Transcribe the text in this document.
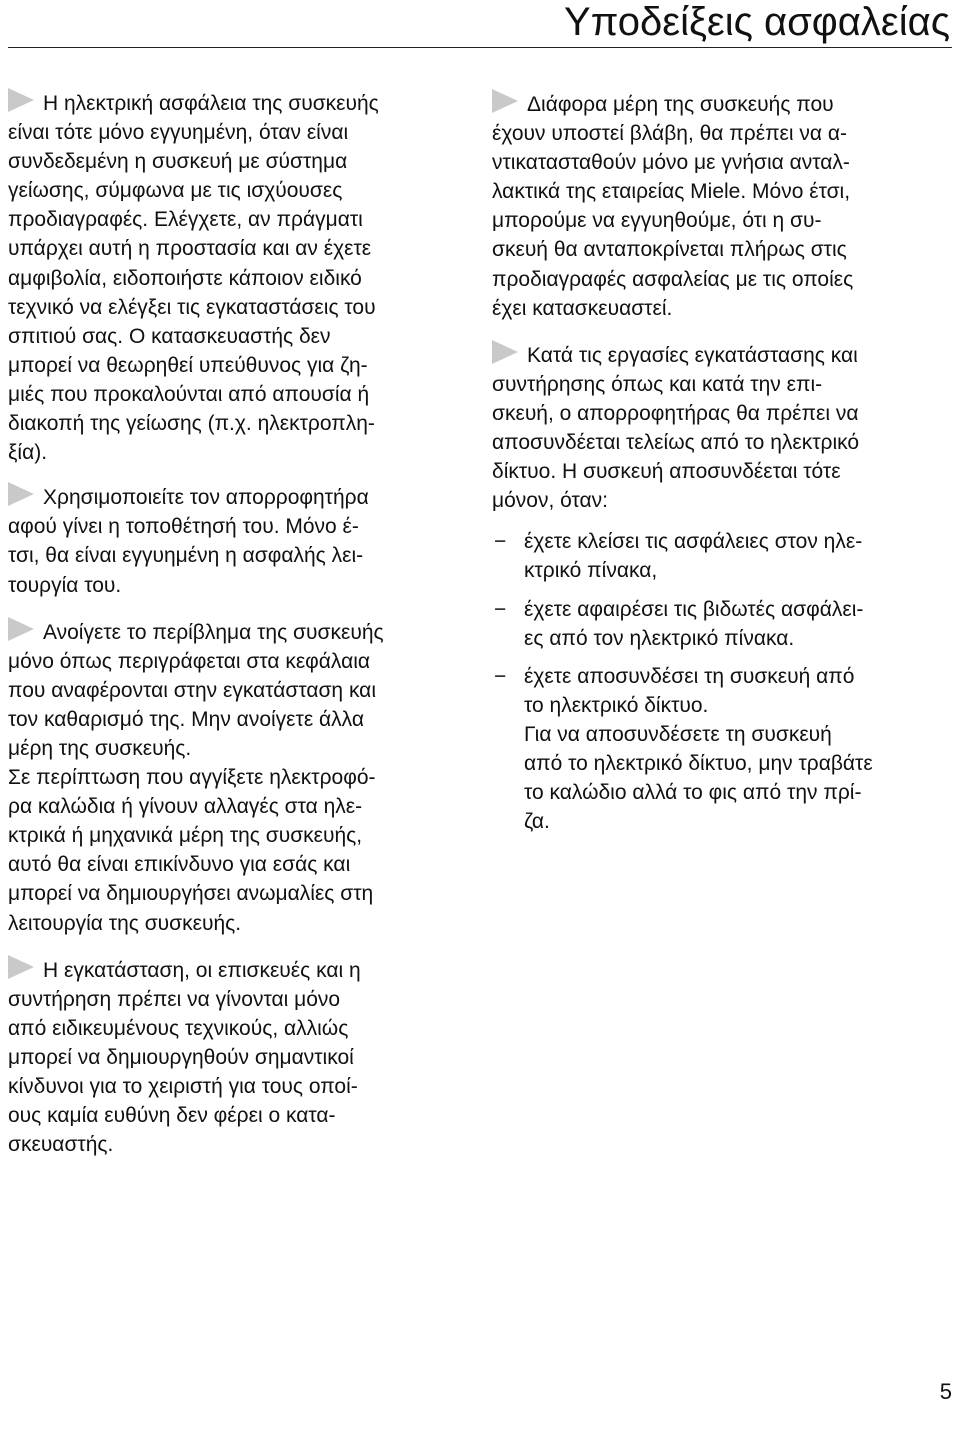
Υποδείξεις ασφαλείας
Η ηλεκτρική ασφάλεια της συσκευής
είναι τότε μόνο εγγυημένη, όταν είναι
συνδεδεμένη η συσκευή με σύστημα
γείωσης, σύμφωνα με τις ισχύουσες
προδιαγραφές. Ελέγχετε, αν πράγματι
υπάρχει αυτή η προστασία και αν έχετε
αμφιβολία, ειδοποιήστε κάποιον ειδικό
τεχνικό να ελέγξει τις εγκαταστάσεις του
σπιτιού σας. Ο κατασκευαστής δεν
μπορεί να θεωρηθεί υπεύθυνος για ζη-
μιές που προκαλούνται από απουσία ή
διακοπή της γείωσης (π.χ. ηλεκτροπλη-
ξία).
Χρησιμοποιείτε τον απορροφητήρα
αφού γίνει η τοποθέτησή του. Μόνο έ-
τσι, θα είναι εγγυημένη η ασφαλής λει-
τουργία του.
Ανοίγετε το περίβλημα της συσκευής
μόνο όπως περιγράφεται στα κεφάλαια
που αναφέρονται στην εγκατάσταση και
τον καθαρισμό της. Μην ανοίγετε άλλα
μέρη της συσκευής.
Σε περίπτωση που αγγίξετε ηλεκτροφό-
ρα καλώδια ή γίνουν αλλαγές στα ηλε-
κτρικά ή μηχανικά μέρη της συσκευής,
αυτό θα είναι επικίνδυνο για εσάς και
μπορεί να δημιουργήσει ανωμαλίες στη
λειτουργία της συσκευής.
Η εγκατάσταση, οι επισκευές και η
συντήρηση πρέπει να γίνονται μόνο
από ειδικευμένους τεχνικούς, αλλιώς
μπορεί να δημιουργηθούν σημαντικοί
κίνδυνοι για το χειριστή για τους οποί-
ους καμία ευθύνη δεν φέρει ο κατα-
σκευαστής.
Διάφορα μέρη της συσκευής που
έχουν υποστεί βλάβη, θα πρέπει να α-
ντικατασταθούν μόνο με γνήσια ανταλ-
λακτικά της εταιρείας Miele. Μόνο έτσι,
μπορούμε να εγγυηθούμε, ότι η συ-
σκευή θα ανταποκρίνεται πλήρως στις
προδιαγραφές ασφαλείας με τις οποίες
έχει κατασκευαστεί.
Κατά τις εργασίες εγκατάστασης και
συντήρησης όπως και κατά την επι-
σκευή, ο απορροφητήρας θα πρέπει να
αποσυνδέεται τελείως από το ηλεκτρικό
δίκτυο. Η συσκευή αποσυνδέεται τότε
μόνον, όταν:
− έχετε κλείσει τις ασφάλειες στον ηλε-
κτρικό πίνακα,
− έχετε αφαιρέσει τις βιδωτές ασφάλει-
ες από τον ηλεκτρικό πίνακα.
− έχετε αποσυνδέσει τη συσκευή από
το ηλεκτρικό δίκτυο.
Για να αποσυνδέσετε τη συσκευή
από το ηλεκτρικό δίκτυο, μην τραβάτε
το καλώδιο αλλά το φις από την πρί-
ζα.
5
